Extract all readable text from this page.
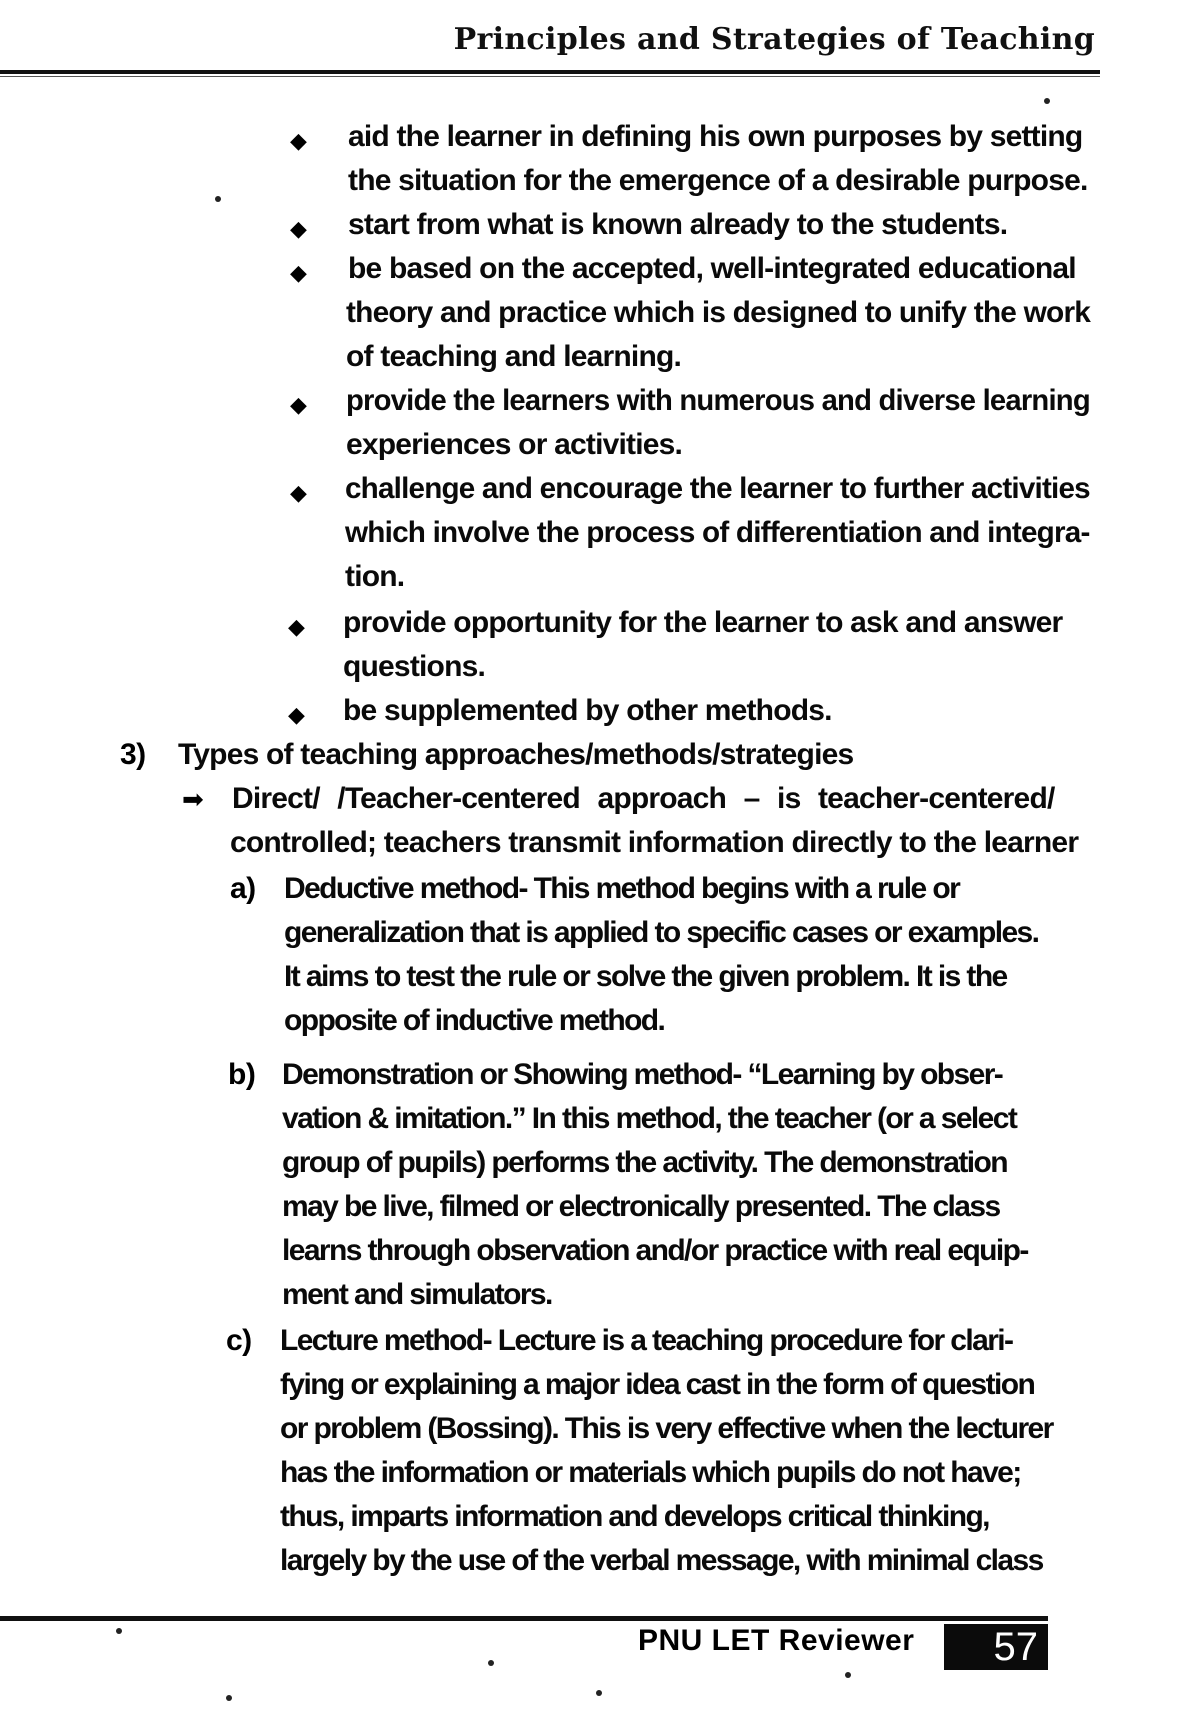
Principles and Strategies of Teaching
◆ aid the learner in defining his own purposes by setting
the situation for the emergence of a desirable purpose.
◆ start from what is known already to the students.
◆ be based on the accepted, well-integrated educational
theory and practice which is designed to unify the work
of teaching and learning.
◆ provide the learners with numerous and diverse learning
experiences or activities.
◆ challenge and encourage the learner to further activities
which involve the process of differentiation and integra-
tion.
◆ provide opportunity for the learner to ask and answer
questions.
◆ be supplemented by other methods.
3) Types of teaching approaches/methods/strategies
➡ Direct/ /Teacher-centered approach – is teacher-centered/
controlled; teachers transmit information directly to the learner
a) Deductive method- This method begins with a rule or
generalization that is applied to specific cases or examples.
It aims to test the rule or solve the given problem. It is the
opposite of inductive method.
b) Demonstration or Showing method- “Learning by obser-
vation & imitation.” In this method, the teacher (or a select
group of pupils) performs the activity. The demonstration
may be live, filmed or electronically presented. The class
learns through observation and/or practice with real equip-
ment and simulators.
c) Lecture method- Lecture is a teaching procedure for clari-
fying or explaining a major idea cast in the form of question
or problem (Bossing). This is very effective when the lecturer
has the information or materials which pupils do not have;
thus, imparts information and develops critical thinking,
largely by the use of the verbal message, with minimal class
PNU LET Reviewer	57
